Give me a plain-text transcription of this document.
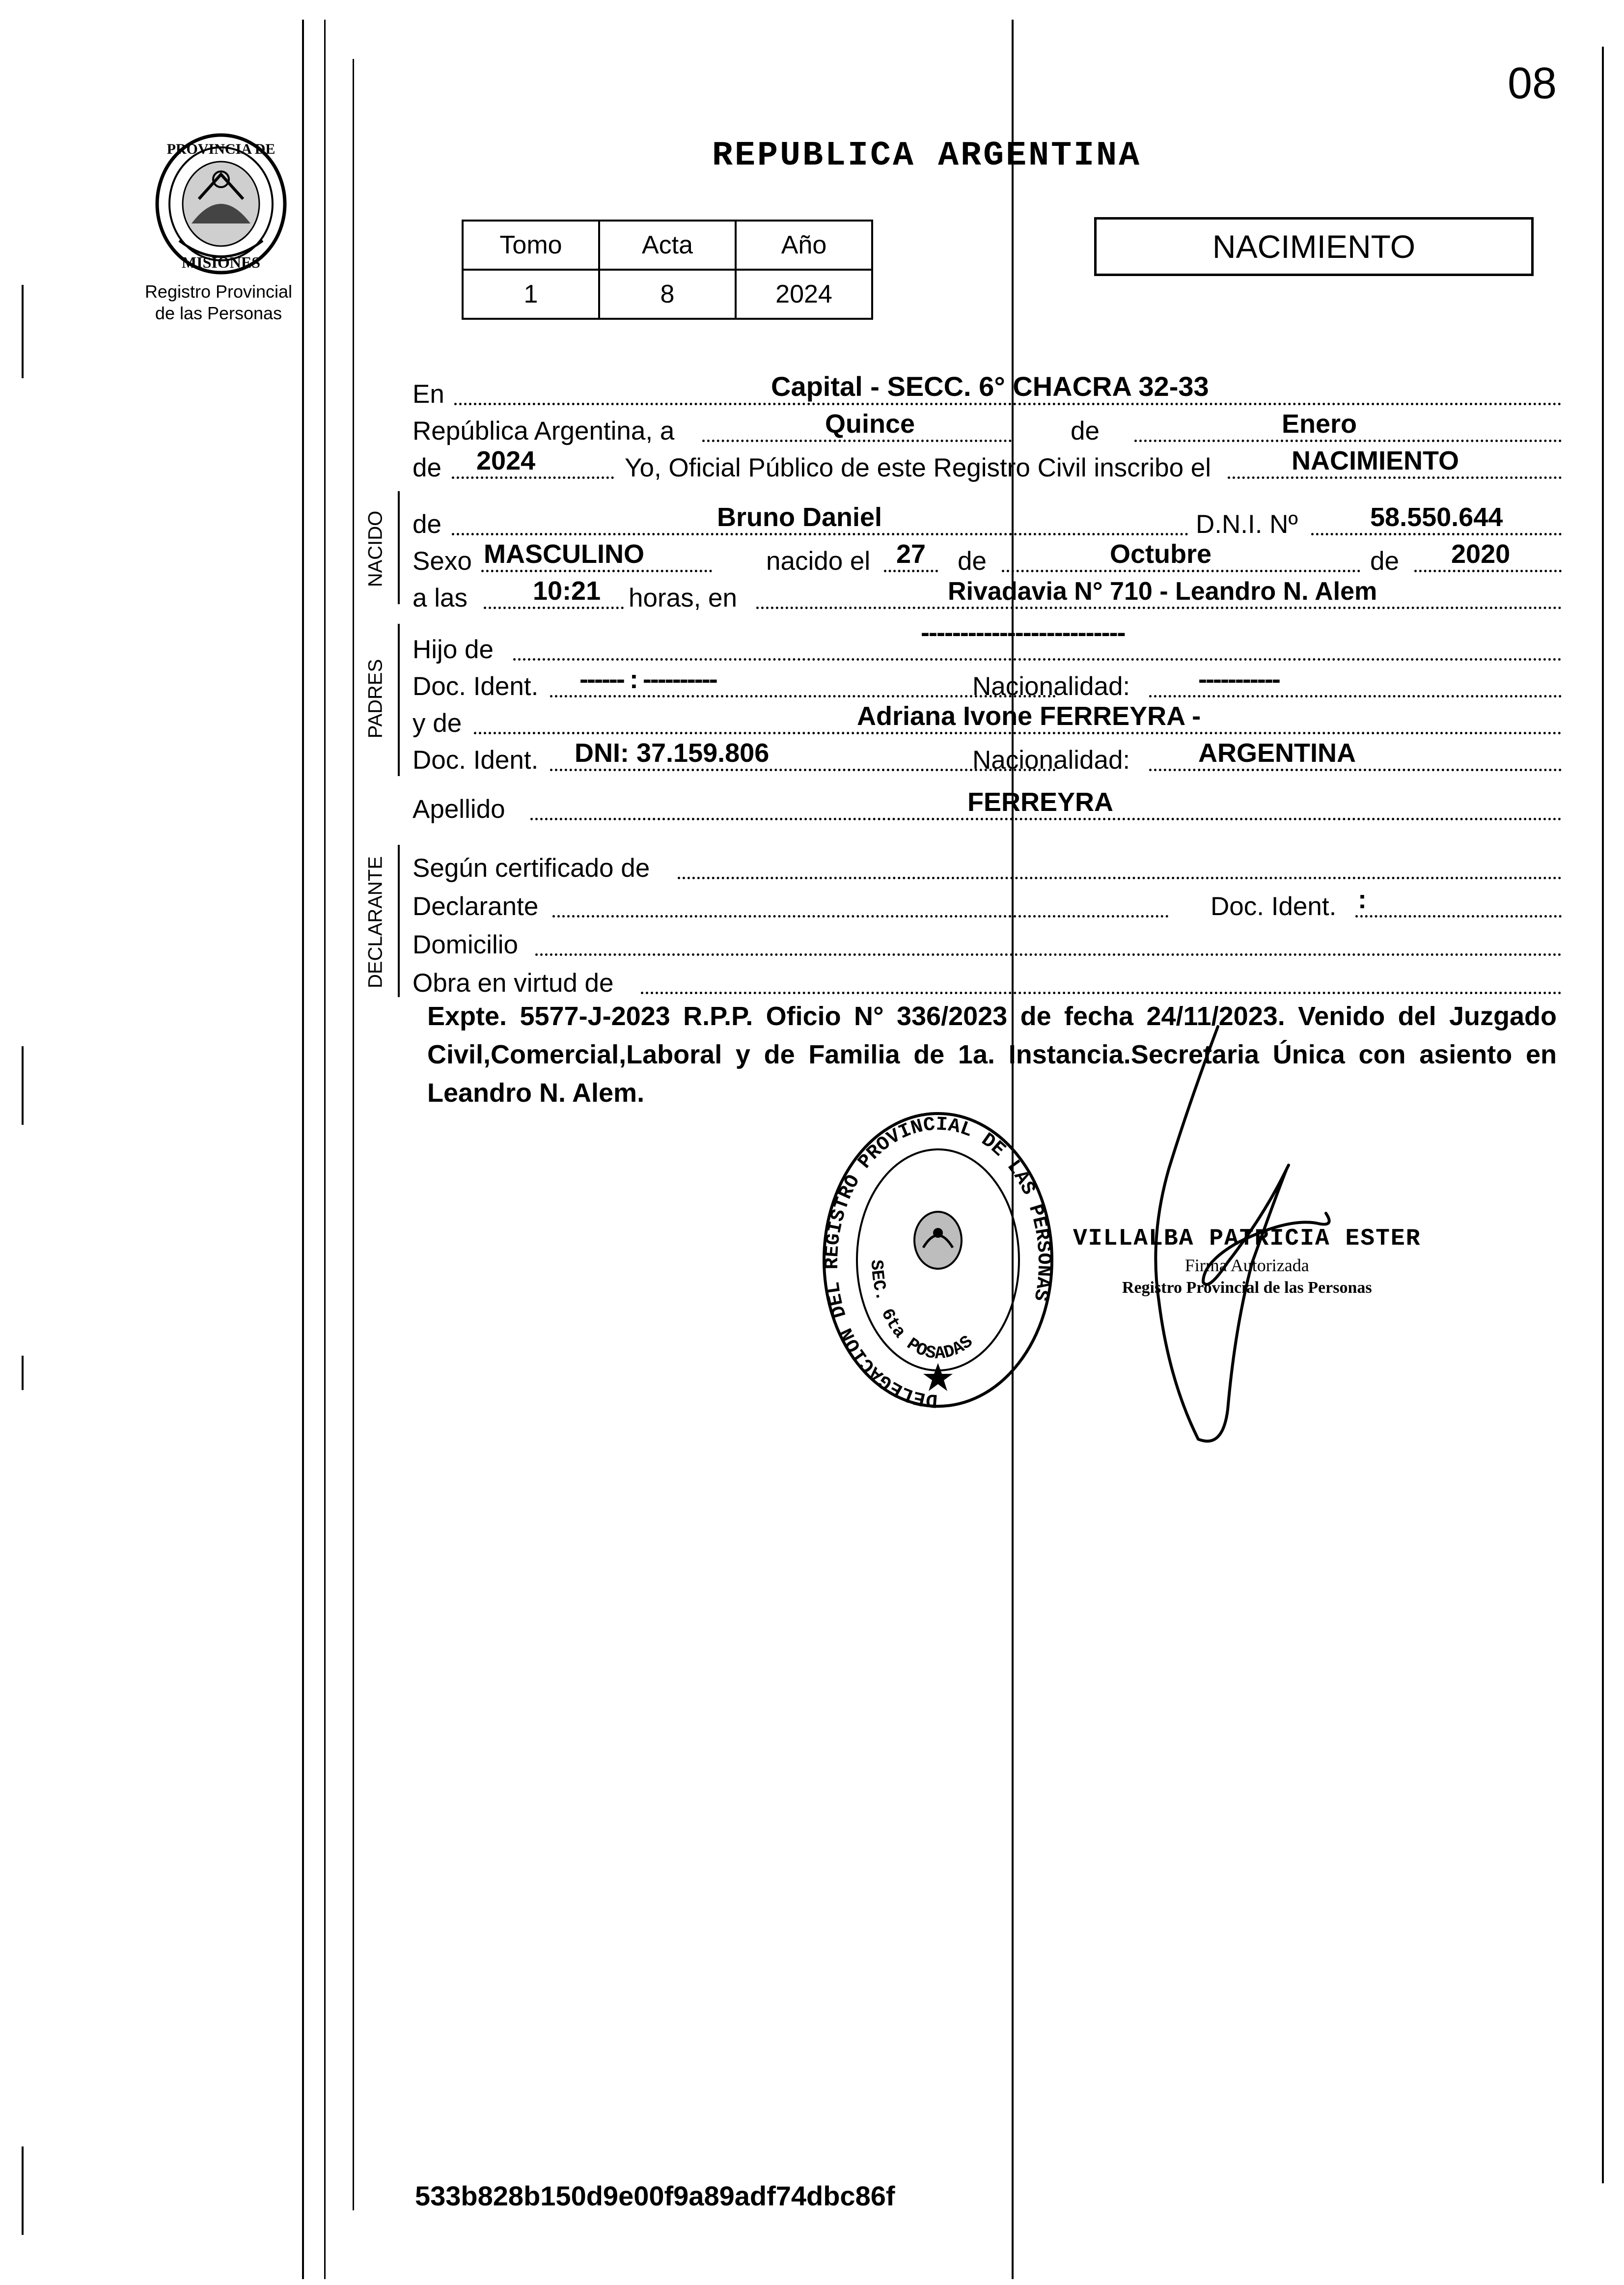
08
PROVINCIA DE
MISIONES
Registro Provincial
de las Personas
REPUBLICA ARGENTINA
Tomo	Acta	Año
1	8	2024
NACIMIENTO
En	Capital - SECC. 6° CHACRA 32-33
República Argentina, a	Quince	de	Enero
de 2024	Yo, Oficial Público de este Registro Civil inscribo el	NACIMIENTO
NACIDO de	Bruno Daniel	D.N.I. Nº	58.550.644
Sexo MASCULINO	nacido el 27 de	Octubre	de 2020
a las 10:21 horas, en	Rivadavia N° 710 - Leandro N. Alem
PADRES
Hijo de
--------------------------
Doc. Ident. ------ : ----------	Nacionalidad:	-----------
y de	Adriana Ivone FERREYRA -
Doc. Ident. DNI: 37.159.806	Nacionalidad:	ARGENTINA
Apellido	FERREYRA
DECLARANTE Según certificado de
Declarante	Doc. Ident. :
Domicilio
Obra en virtud de
Expte. 5577-J-2023 R.P.P. Oficio N° 336/2023 de fecha 24/11/2023. Venido del Juzgado Civil,Comercial,Laboral y de Familia de 1a. Instancia.Secretaria Única con asiento en Leandro N. Alem.
DELEGACION DEL REGISTRO PROVINCIAL DE LAS PERSONAS
SEC. 6ta POSADAS
VILLALBA PATRICIA ESTER
Firma Autorizada
Registro Provincial de las Personas
533b828b150d9e00f9a89adf74dbc86f
